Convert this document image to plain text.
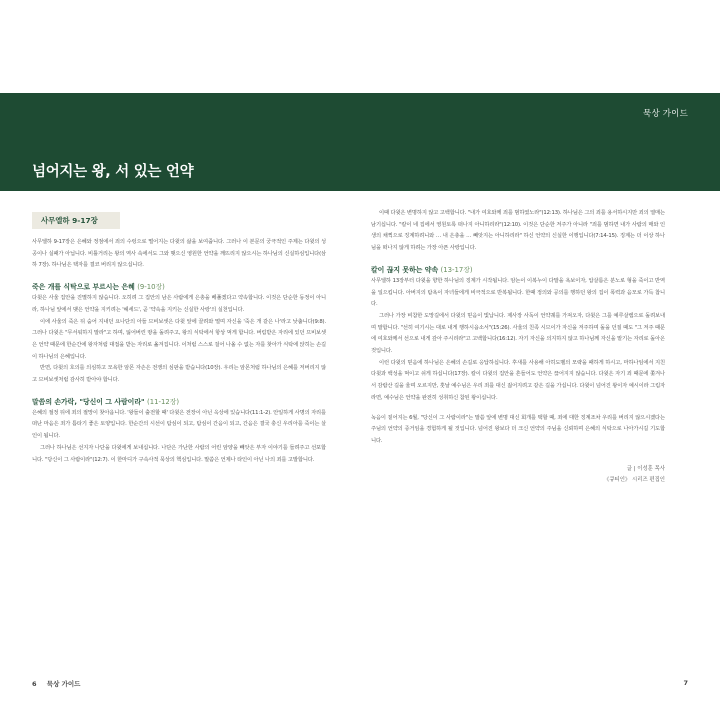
묵상 가이드
넘어지는 왕, 서 있는 언약
사무엘하 9-17장

사무엘하 9-17장은 은혜와 정점에서 죄의 수렁으로 떨어지는 다윗의 삶을 보여줍니다. 그러나 이 본문의 궁극적인 주제는 다윗의 성공이나 실패가 아닙니다. 비틀거리는 왕의 역사 속에서도 그와 맺으신 영원한 언약을 깨뜨리지 않으시는 하나님의 신실하심입니다(삼하 7장). 하나님은 택자를 결코 버리지 않으십니다.

죽은 개를 식탁으로 부르시는 은혜 (9-10장)

다윗은 사울 집안을 진멸하지 않습니다. 오히려 그 집안의 남은 사람에게 은총을 베풀겠다고 약속합니다. 이것은 단순한 동정이 아니라, 하나님 앞에서 맺은 언약을 지키려는 '헤세드', 곧 '약속을 지키는 신실한 사랑'의 실천입니다.

이에 사울의 죽은 뒤 숨어 지내던 요나단의 아들 므비보셋은 다윗 앞에 끌려와 떨며 자신을 '죽은 개 같은 나'라고 낮춥니다(9:8). 그러나 다윗은 "무서워하지 말라"고 하며, 잃어버린 땅을 돌려주고, 왕의 식탁에서 항상 먹게 합니다. 버림받은 자리에 있던 므비보셋은 언약 때문에 한순간에 왕자처럼 대접을 받는 자리로 옮겨집니다. 이처럼 스스로 걸어 나올 수 없는 자를 찾아가 식탁에 앉히는 손길이 하나님의 은혜입니다.

반면, 다윗의 호의를 의심하고 모욕한 암몬 자손은 전쟁의 심판을 받습니다(10장). 우리는 암몬처럼 하나님의 은혜를 저버리지 않고 므비보셋처럼 감사히 받아야 합니다.

말씀의 손가락, "당신이 그 사람이라" (11-12장)

은혜의 절정 뒤에 죄의 절망이 찾아옵니다. '왕들이 출전할 때' 다윗은 전장이 아닌 옥상에 있습니다(11:1-2). 안일하게 사명의 자리를 떠난 마음은 죄가 틈타기 좋은 토양입니다. 한순간의 시선이 탐심이 되고, 탐심이 간음이 되고, 간음은 결국 충신 우리아를 죽이는 살인이 됩니다.

그러나 하나님은 선지자 나단을 다윗에게 보내십니다. 나단은 가난한 사람의 어린 암양을 빼앗은 부자 이야기를 들려주고 선포합니다. "당신이 그 사람이라"(12:7). 이 한마디가 구속사적 묵상의 핵심입니다. 말씀은 언제나 타인이 아닌 나의 죄를 고발합니다.

이때 다윗은 변명하지 않고 고백합니다. "내가 여호와께 죄를 범하였노라"(12:13). 하나님은 그의 죄를 용서하시지만 죄의 열매는 남기십니다. "칼이 네 집에서 영원토록 떠나지 아니하리라"(12:10). 이것은 단순한 저주가 아니라 "죄를 범하면 내가 사람의 매와 인생의 채찍으로 징계하려니와 … 내 은총을 … 빼앗지는 아니하리라" 하신 언약의 신실한 이행입니다(7:14-15). 징계는 더 이상 하나님을 떠나지 않게 하려는 가장 아픈 사랑입니다.

칼이 끊지 못하는 약속 (13-17장)

사무엘하 13장부터 다윗을 향한 하나님의 징계가 시작됩니다. 암논이 이복누이 다말을 욕보이자, 압살롬은 분노로 형을 죽이고 반역을 일으킵니다. 아버지의 탐욕이 자녀들에게 비극적으로 반복됩니다. 한때 정의와 공의를 행하던 왕의 집이 폭력과 음모로 가득 찹니다.

그러나 가장 비참한 도망길에서 다윗의 믿음이 빛납니다. 제사장 사독이 언약궤를 가져오자, 다윗은 그를 예루살렘으로 돌려보내며 말합니다. "선히 여기시는 대로 내게 행하시옵소서"(15:26). 사울의 친족 시므이가 자신을 저주하며 돌을 던질 때도 "그 저주 때문에 여호와께서 선으로 내게 갚아 주시리라"고 고백합니다(16:12). 자기 자신을 의지하지 않고 하나님께 자신을 맡기는 자리로 돌아온 것입니다.

이런 다윗의 믿음에 하나님은 은혜의 손길로 응답하십니다. 후새를 사용해 아히도벨의 모략을 패하게 하시고, 마하나임에서 지친 다윗과 백성을 먹이고 쉬게 하십니다(17장). 칼이 다윗의 집안을 흔들어도 언약은 끊어지지 않습니다. 다윗은 자기 죄 때문에 쫓겨나서 감람산 길을 울며 오르지만, 훗날 예수님은 우리 죄를 대신 짊어지려고 같은 길을 가십니다. 다윗이 넘어진 왕이자 예시이라 그림자라면, 예수님은 언약을 완전히 성취하신 참된 왕이십니다.

녹음이 짙어지는 6월, "당신이 그 사람이라"는 말씀 앞에 변명 대신 회개를 택할 때, 죄에 대한 징계조차 우리를 버리지 않으시겠다는 주님의 언약의 증거임을 경험하게 될 것입니다. 넘어진 왕보다 더 크신 언약의 주님을 신뢰하며 은혜의 식탁으로 나아가시길 기도합니다.

글 | 이성훈 목사
《큐티인》 시리즈 편집인
6 묵상 가이드	7
